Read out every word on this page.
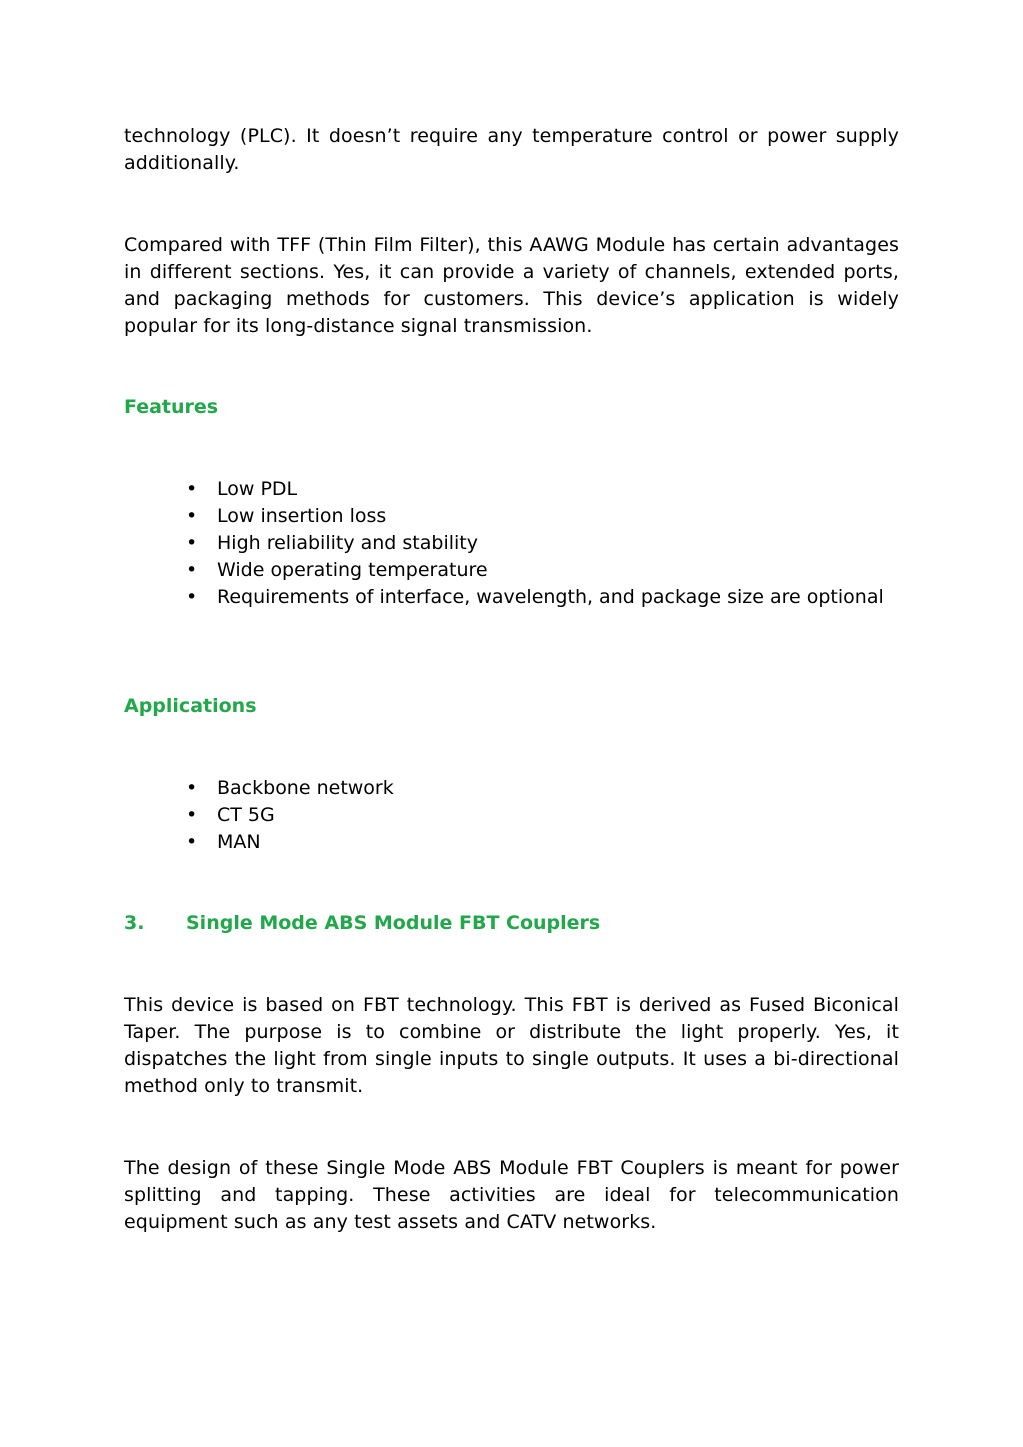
technology (PLC). It doesn’t require any temperature control or power supply additionally.

Compared with TFF (Thin Film Filter), this AAWG Module has certain advantages in different sections. Yes, it can provide a variety of channels, extended ports, and packaging methods for customers. This device’s application is widely popular for its long-distance signal transmission.

Features
•	Low PDL
•	Low insertion loss
•	High reliability and stability
•	Wide operating temperature
•	Requirements of interface, wavelength, and package size are optional
Applications
•	Backbone network
•	CT 5G
•	MAN
3. Single Mode ABS Module FBT Couplers

This device is based on FBT technology. This FBT is derived as Fused Biconical Taper. The purpose is to combine or distribute the light properly. Yes, it dispatches the light from single inputs to single outputs. It uses a bi-directional method only to transmit.

The design of these Single Mode ABS Module FBT Couplers is meant for power splitting and tapping. These activities are ideal for telecommunication equipment such as any test assets and CATV networks.
